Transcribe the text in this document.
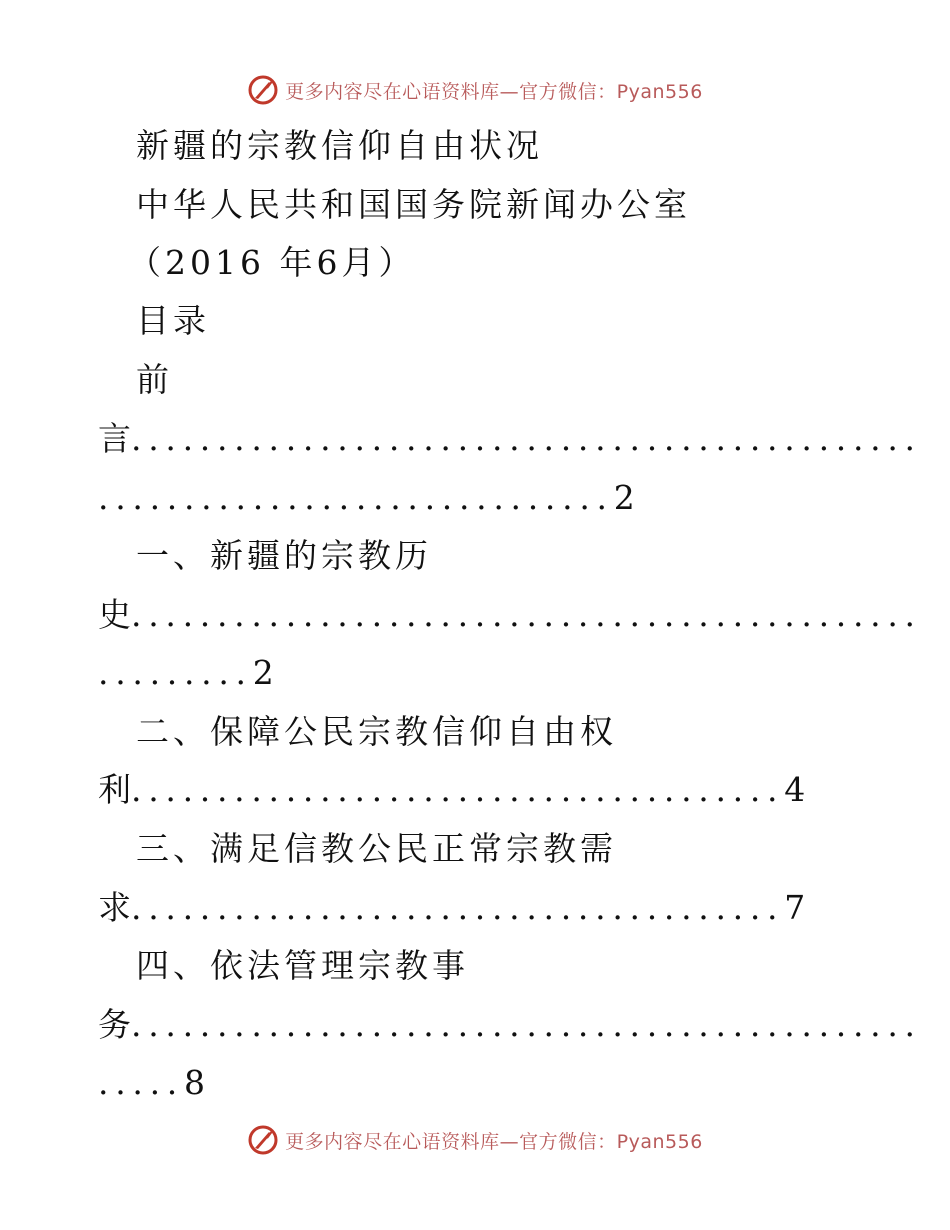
更多内容尽在心语资料库—官方微信：Pyan556
新疆的宗教信仰自由状况
中华人民共和国国务院新闻办公室
（2016 年6月）
目录
前
言 ..............................................
.............................. 2
一、新疆的宗教历
史 ..............................................
......... 2
二、保障公民宗教信仰自由权
利 ...................................... 4
三、满足信教公民正常宗教需
求 ...................................... 7
四、依法管理宗教事
务 ..............................................
..... 8
更多内容尽在心语资料库—官方微信：Pyan556
